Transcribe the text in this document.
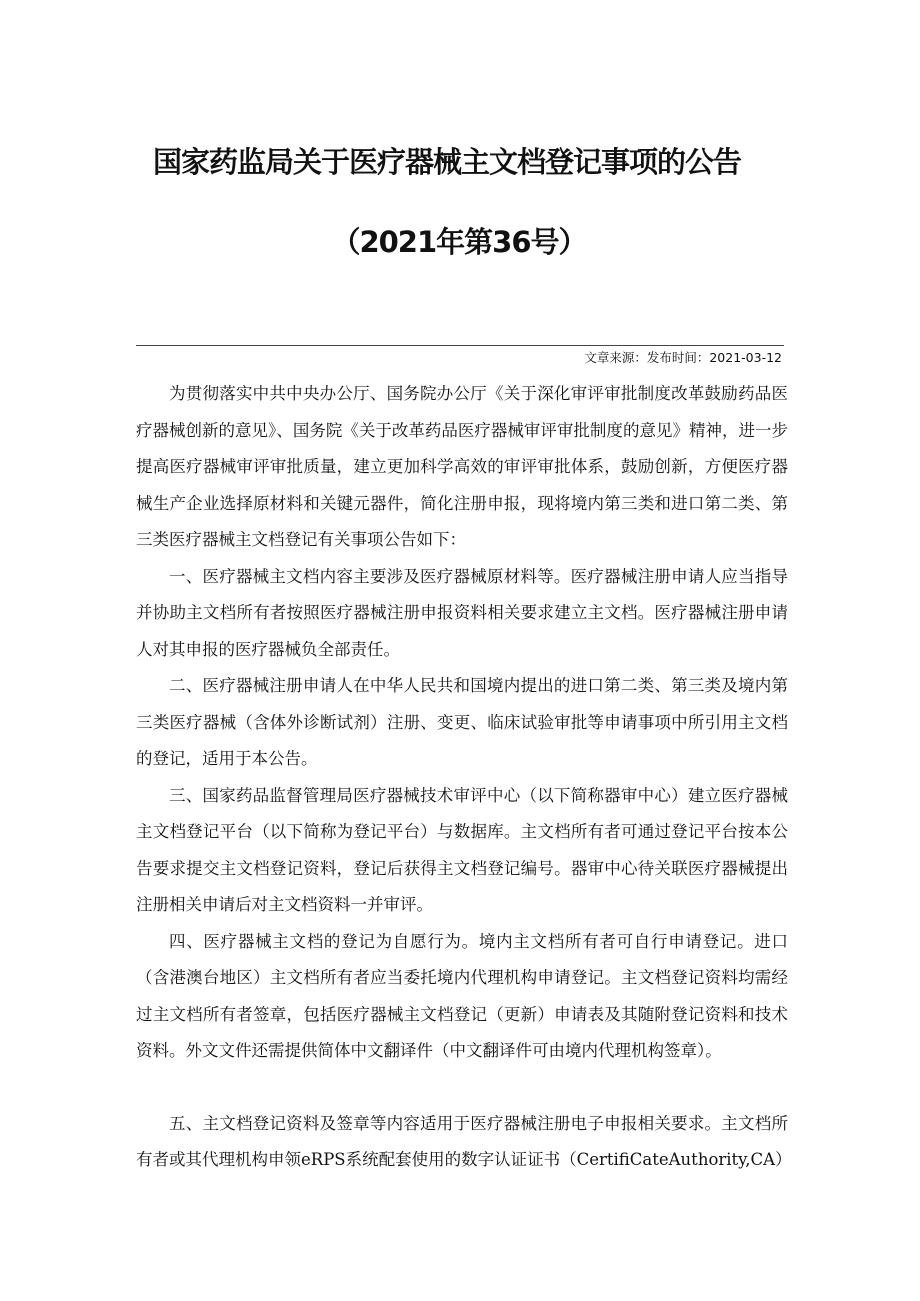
国家药监局关于医疗器械主文档登记事项的公告
（2021年第36号）
文章来源：发布时间：2021-03-12

为贯彻落实中共中央办公厅、国务院办公厅《关于深化审评审批制度改革鼓励药品医疗器械创新的意见》、国务院《关于改革药品医疗器械审评审批制度的意见》精神，进一步提高医疗器械审评审批质量，建立更加科学高效的审评审批体系，鼓励创新，方便医疗器械生产企业选择原材料和关键元器件，简化注册申报，现将境内第三类和进口第二类、第三类医疗器械主文档登记有关事项公告如下：

一、医疗器械主文档内容主要涉及医疗器械原材料等。医疗器械注册申请人应当指导并协助主文档所有者按照医疗器械注册申报资料相关要求建立主文档。医疗器械注册申请人对其申报的医疗器械负全部责任。

二、医疗器械注册申请人在中华人民共和国境内提出的进口第二类、第三类及境内第三类医疗器械（含体外诊断试剂）注册、变更、临床试验审批等申请事项中所引用主文档的登记，适用于本公告。

三、国家药品监督管理局医疗器械技术审评中心（以下简称器审中心）建立医疗器械主文档登记平台（以下简称为登记平台）与数据库。主文档所有者可通过登记平台按本公告要求提交主文档登记资料，登记后获得主文档登记编号。器审中心待关联医疗器械提出注册相关申请后对主文档资料一并审评。

四、医疗器械主文档的登记为自愿行为。境内主文档所有者可自行申请登记。进口（含港澳台地区）主文档所有者应当委托境内代理机构申请登记。主文档登记资料均需经过主文档所有者签章，包括医疗器械主文档登记（更新）申请表及其随附登记资料和技术资料。外文文件还需提供简体中文翻译件（中文翻译件可由境内代理机构签章）。

五、主文档登记资料及签章等内容适用于医疗器械注册电子申报相关要求。主文档所有者或其代理机构申领eRPS系统配套使用的数字认证证书（CertifiCateAuthority,CA）
